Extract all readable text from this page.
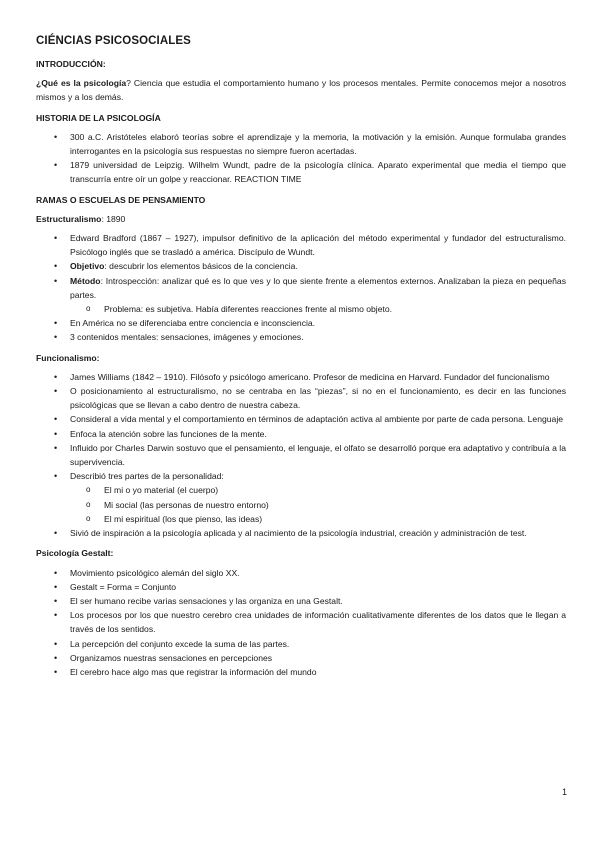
CIÉNCIAS PSICOSOCIALES
INTRODUCCIÓN:

¿Qué es la psicología? Ciencia que estudia el comportamiento humano y los procesos mentales. Permite conocemos mejor a nosotros mismos y a los demás.

HISTORIA DE LA PSICOLOGÍA
• 300 a.C. Aristóteles elaboró teorías sobre el aprendizaje y la memoria, la motivación y la emisión. Aunque formulaba grandes interrogantes en la psicología sus respuestas no siempre fueron acertadas.
• 1879 universidad de Leipzig. Wilhelm Wundt, padre de la psicología clínica. Aparato experimental que media el tiempo que transcurría entre oír un golpe y reaccionar. REACTION TIME
RAMAS O ESCUELAS DE PENSAMIENTO
Estructuralismo: 1890
• Edward Bradford (1867 – 1927), impulsor definitivo de la aplicación del método experimental y fundador del estructuralismo. Psicólogo inglés que se trasladó a américa. Discípulo de Wundt.
• Objetivo: descubrir los elementos básicos de la conciencia.
• Método: Introspección: analizar qué es lo que ves y lo que siente frente a elementos externos. Analizaban la pieza en pequeñas partes.
o Problema: es subjetiva. Había diferentes reacciones frente al mismo objeto.
• En América no se diferenciaba entre conciencia e inconsciencia.
• 3 contenidos mentales: sensaciones, imágenes y emociones.
Funcionalismo:
• James Williams (1842 – 1910). Filósofo y psicólogo americano. Profesor de medicina en Harvard. Fundador del funcionalismo
• O posicionamiento al estructuralismo, no se centraba en las “piezas”, si no en el funcionamiento, es decir en las funciones psicológicas que se llevan a cabo dentro de nuestra cabeza.
• Consideral a vida mental y el comportamiento en términos de adaptación activa al ambiente por parte de cada persona. Lenguaje
• Enfoca la atención sobre las funciones de la mente.
• Influido por Charles Darwin sostuvo que el pensamiento, el lenguaje, el olfato se desarrolló porque era adaptativo y contribuía a la supervivencia.
• Describió tres partes de la personalidad:
o El mi o yo material (el cuerpo)
o Mi social (las personas de nuestro entorno)
o El mi espiritual (los que pienso, las ideas)
• Sivió de inspiración a la psicología aplicada y al nacimiento de la psicología industrial, creación y administración de test.
Psicología Gestalt:
• Movimiento psicológico alemán del siglo XX.
• Gestalt = Forma = Conjunto
• El ser humano recibe varias sensaciones y las organiza en una Gestalt.
• Los procesos por los que nuestro cerebro crea unidades de información cualitativamente diferentes de los datos que le llegan a través de los sentidos.
• La percepción del conjunto excede la suma de las partes.
• Organizamos nuestras sensaciones en percepciones
• El cerebro hace algo mas que registrar la información del mundo
1
